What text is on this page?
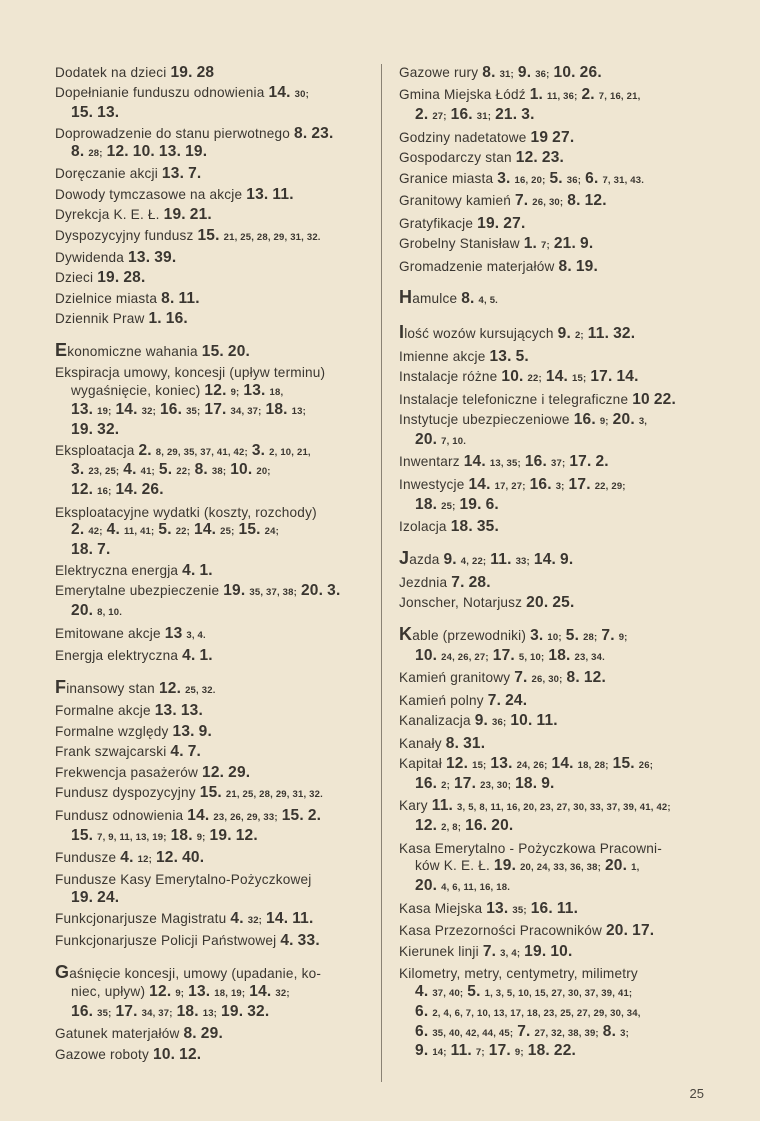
Dodatek na dzieci 19. 28
Dopełnianie funduszu odnowienia 14. 30;
15. 13.
Doprowadzenie do stanu pierwotnego 8. 23.
8. 28; 12. 10. 13. 19.
Doręczanie akcji 13. 7.
Dowody tymczasowe na akcje 13. 11.
Dyrekcja K. E. Ł. 19. 21.
Dyspozycyjny fundusz 15. 21, 25, 28, 29, 31, 32.
Dywidenda 13. 39.
Dzieci 19. 28.
Dzielnice miasta 8. 11.
Dziennik Praw 1. 16.
Ekonomiczne wahania 15. 20.
Ekspiracja umowy, koncesji (upływ terminu)
wygaśnięcie, koniec) 12. 9; 13. 18,
13. 19; 14. 32; 16. 35; 17. 34, 37; 18. 13;
19. 32.
Eksploatacja 2. 8, 29, 35, 37, 41, 42; 3. 2, 10, 21,
3. 23, 25; 4. 41; 5. 22; 8. 38; 10. 20;
12. 16; 14. 26.
Eksploatacyjne wydatki (koszty, rozchody)
2. 42; 4. 11, 41; 5. 22; 14. 25; 15. 24;
18. 7.
Elektryczna energja 4. 1.
Emerytalne ubezpieczenie 19. 35, 37, 38; 20. 3.
20. 8, 10.
Emitowane akcje 13 3, 4.
Energja elektryczna 4. 1.
Finansowy stan 12. 25, 32.
Formalne akcje 13. 13.
Formalne względy 13. 9.
Frank szwajcarski 4. 7.
Frekwencja pasażerów 12. 29.
Fundusz dyspozycyjny 15. 21, 25, 28, 29, 31, 32.
Fundusz odnowienia 14. 23, 26, 29, 33; 15. 2.
15. 7, 9, 11, 13, 19; 18. 9; 19. 12.
Fundusze 4. 12; 12. 40.
Fundusze Kasy Emerytalno-Pożyczkowej
19. 24.
Funkcjonarjusze Magistratu 4. 32; 14. 11.
Funkcjonarjusze Policji Państwowej 4. 33.
Gaśnięcie koncesji, umowy (upadanie, ko-
niec, upływ) 12. 9; 13. 18, 19; 14. 32;
16. 35; 17. 34, 37; 18. 13; 19. 32.
Gatunek materjałów 8. 29.
Gazowe roboty 10. 12.
Gazowe rury 8. 31; 9. 36; 10. 26.
Gmina Miejska Łódź 1. 11, 36; 2. 7, 16, 21,
2. 27; 16. 31; 21. 3.
Godziny nadetatowe 19 27.
Gospodarczy stan 12. 23.
Granice miasta 3. 16, 20; 5. 36; 6. 7, 31, 43.
Granitowy kamień 7. 26, 30; 8. 12.
Gratyfikacje 19. 27.
Grobelny Stanisław 1. 7; 21. 9.
Gromadzenie materjałów 8. 19.
Hamulce 8. 4, 5.
Ilość wozów kursujących 9. 2; 11. 32.
Imienne akcje 13. 5.
Instalacje różne 10. 22; 14. 15; 17. 14.
Instalacje telefoniczne i telegraficzne 10 22.
Instytucje ubezpieczeniowe 16. 9; 20. 3,
20. 7, 10.
Inwentarz 14. 13, 35; 16. 37; 17. 2.
Inwestycje 14. 17, 27; 16. 3; 17. 22, 29;
18. 25; 19. 6.
Izolacja 18. 35.
Jazda 9. 4, 22; 11. 33; 14. 9.
Jezdnia 7. 28.
Jonscher, Notarjusz 20. 25.
Kable (przewodniki) 3. 10; 5. 28; 7. 9;
10. 24, 26, 27; 17. 5, 10; 18. 23, 34.
Kamień granitowy 7. 26, 30; 8. 12.
Kamień polny 7. 24.
Kanalizacja 9. 36; 10. 11.
Kanały 8. 31.
Kapitał 12. 15; 13. 24, 26; 14. 18, 28; 15. 26;
16. 2; 17. 23, 30; 18. 9.
Kary 11. 3, 5, 8, 11, 16, 20, 23, 27, 30, 33, 37, 39, 41, 42;
12. 2, 8; 16. 20.
Kasa Emerytalno - Pożyczkowa Pracowni-
ków K. E. Ł. 19. 20, 24, 33, 36, 38; 20. 1,
20. 4, 6, 11, 16, 18.
Kasa Miejska 13. 35; 16. 11.
Kasa Przezorności Pracowników 20. 17.
Kierunek linji 7. 3, 4; 19. 10.
Kilometry, metry, centymetry, milimetry
4. 37, 40; 5. 1, 3, 5, 10, 15, 27, 30, 37, 39, 41;
6. 2, 4, 6, 7, 10, 13, 17, 18, 23, 25, 27, 29, 30, 34,
6. 35, 40, 42, 44, 45; 7. 27, 32, 38, 39; 8. 3;
9. 14; 11. 7; 17. 9; 18. 22.
25
